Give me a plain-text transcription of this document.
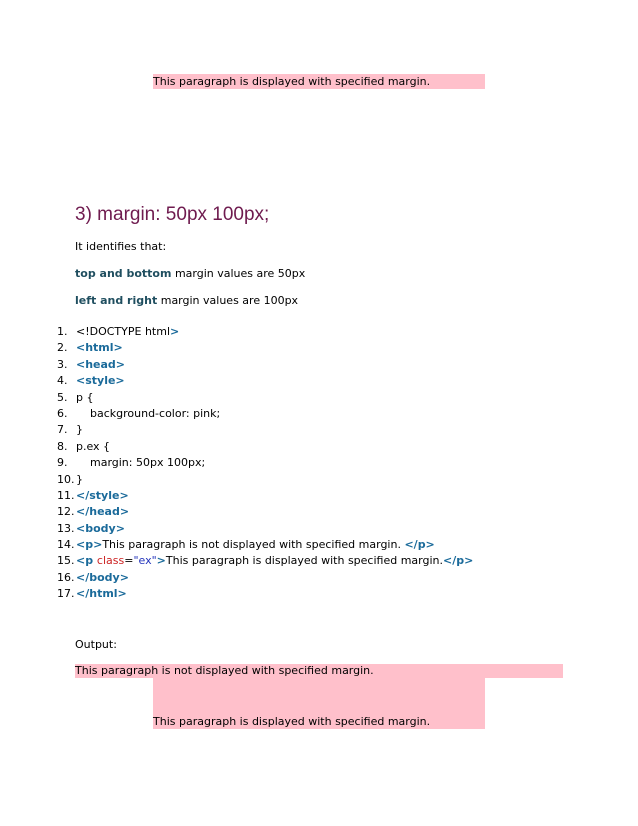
This paragraph is displayed with specified margin.
3) margin: 50px 100px;
It identifies that:
top and bottom margin values are 50px
left and right margin values are 100px
1. <!DOCTYPE html>
2. <html>
3. <head>
4. <style>
5. p {
6. background-color: pink;
7. }
8. p.ex {
9. margin: 50px 100px;
10. }
11. </style>
12. </head>
13. <body>
14. <p>This paragraph is not displayed with specified margin. </p>
15. <p class="ex">This paragraph is displayed with specified margin.</p>
16. </body>
17. </html>
Output:
This paragraph is not displayed with specified margin.
This paragraph is displayed with specified margin.
